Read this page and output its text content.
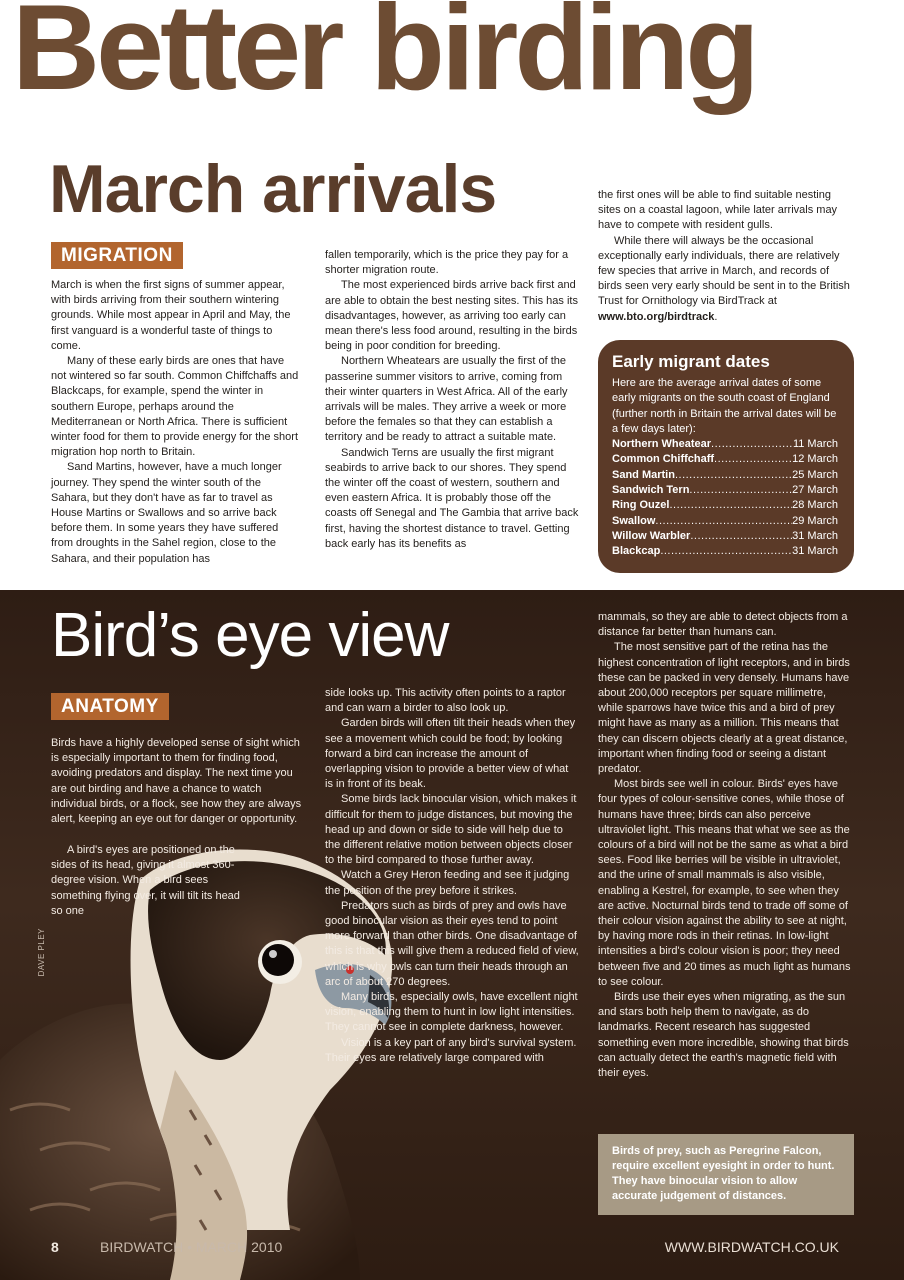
Better birding
March arrivals
MIGRATION

March is when the first signs of summer appear, with birds arriving from their southern wintering grounds. While most appear in April and May, the first vanguard is a wonderful taste of things to come.

Many of these early birds are ones that have not wintered so far south. Common Chiffchaffs and Blackcaps, for example, spend the winter in southern Europe, perhaps around the Mediterranean or North Africa. There is sufficient winter food for them to provide energy for the short migration hop north to Britain.

Sand Martins, however, have a much longer journey. They spend the winter south of the Sahara, but they don't have as far to travel as House Martins or Swallows and so arrive back before them. In some years they have suffered from droughts in the Sahel region, close to the Sahara, and their population has

fallen temporarily, which is the price they pay for a shorter migration route.

The most experienced birds arrive back first and are able to obtain the best nesting sites. This has its disadvantages, however, as arriving too early can mean there's less food around, resulting in the birds being in poor condition for breeding.

Northern Wheatears are usually the first of the passerine summer visitors to arrive, coming from their winter quarters in West Africa. All of the early arrivals will be males. They arrive a week or more before the females so that they can establish a territory and be ready to attract a suitable mate.

Sandwich Terns are usually the first migrant seabirds to arrive back to our shores. They spend the winter off the coast of western, southern and even eastern Africa. It is probably those off the coasts off Senegal and The Gambia that arrive back first, having the shortest distance to travel. Getting back early has its benefits as

the first ones will be able to find suitable nesting sites on a coastal lagoon, while later arrivals may have to compete with resident gulls.

While there will always be the occasional exceptionally early individuals, there are relatively few species that arrive in March, and records of birds seen very early should be sent in to the British Trust for Ornithology via BirdTrack at www.bto.org/birdtrack.

Early migrant dates

Here are the average arrival dates of some early migrants on the south coast of England (further north in Britain the arrival dates will be a few days later):

Northern Wheatear .....	11 March
Common Chiffchaff .....	12 March
Sand Martin .....	25 March
Sandwich Tern .....	27 March
Ring Ouzel .....	28 March
Swallow .....	29 March
Willow Warbler .....	31 March
Blackcap .....	31 March
Bird’s eye view
ANATOMY

Birds have a highly developed sense of sight which is especially important to them for finding food, avoiding predators and display. The next time you are out birding and have a chance to watch individual birds, or a flock, see how they are always alert, keeping an eye out for danger or opportunity.

A bird's eyes are positioned on the sides of its head, giving it almost 360-degree vision. When a bird sees something flying over, it will tilt its head so one

side looks up. This activity often points to a raptor and can warn a birder to also look up.

Garden birds will often tilt their heads when they see a movement which could be food; by looking forward a bird can increase the amount of overlapping vision to provide a better view of what is in front of its beak.

Some birds lack binocular vision, which makes it difficult for them to judge distances, but moving the head up and down or side to side will help due to the different relative motion between objects closer to the bird compared to those further away.

Watch a Grey Heron feeding and see it judging the position of the prey before it strikes.

Predators such as birds of prey and owls have good binocular vision as their eyes tend to point more forward than other birds. One disadvantage of this is that this will give them a reduced field of view, which is why owls can turn their heads through an arc of about 270 degrees.

Many birds, especially owls, have excellent night vision, enabling them to hunt in low light intensities. They cannot see in complete darkness, however.

Vision is a key part of any bird's survival system. Their eyes are relatively large compared with

mammals, so they are able to detect objects from a distance far better than humans can.

The most sensitive part of the retina has the highest concentration of light receptors, and in birds these can be packed in very densely. Humans have about 200,000 receptors per square millimetre, while sparrows have twice this and a bird of prey might have as many as a million. This means that they can discern objects clearly at a great distance, important when finding food or seeing a distant predator.

Most birds see well in colour. Birds' eyes have four types of colour-sensitive cones, while those of humans have three; birds can also perceive ultraviolet light. This means that what we see as the colours of a bird will not be the same as what a bird sees. Food like berries will be visible in ultraviolet, and the urine of small mammals is also visible, enabling a Kestrel, for example, to see when they are active. Nocturnal birds tend to trade off some of their colour vision against the ability to see at night, by having more rods in their retinas. In low-light intensities a bird's colour vision is poor; they need between five and 20 times as much light as humans to see colour.

Birds use their eyes when migrating, as the sun and stars both help them to navigate, as do landmarks. Recent research has suggested something even more incredible, showing that birds can actually detect the earth's magnetic field with their eyes.

DAVE PLEY
Birds of prey, such as Peregrine Falcon, require excellent eyesight in order to hunt. They have binocular vision to allow accurate judgement of distances.
8	BIRDWATCH • MARCH 2010	WWW.BIRDWATCH.CO.UK
